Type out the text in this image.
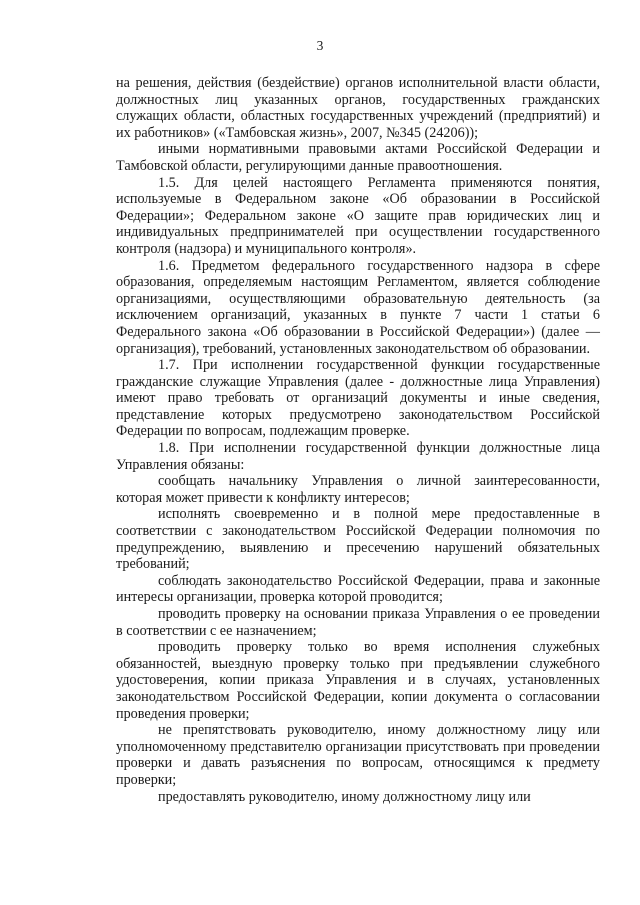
3

на решения, действия (бездействие) органов исполнительной власти области, должностных лиц указанных органов, государственных гражданских служащих области, областных государственных учреждений (предприятий) и их работников» («Тамбовская жизнь», 2007, №345 (24206));

иными нормативными правовыми актами Российской Федерации и Тамбовской области, регулирующими данные правоотношения.

1.5. Для целей настоящего Регламента применяются понятия, используемые в Федеральном законе «Об образовании в Российской Федерации»; Федеральном законе «О защите прав юридических лиц и индивидуальных предпринимателей при осуществлении государственного контроля (надзора) и муниципального контроля».

1.6. Предметом федерального государственного надзора в сфере образования, определяемым настоящим Регламентом, является соблюдение организациями, осуществляющими образовательную деятельность (за исключением организаций, указанных в пункте 7 части 1 статьи 6 Федерального закона «Об образовании в Российской Федерации») (далее — организация), требований, установленных законодательством об образовании.

1.7. При исполнении государственной функции государственные гражданские служащие Управления (далее - должностные лица Управления) имеют право требовать от организаций документы и иные сведения, представление которых предусмотрено законодательством Российской Федерации по вопросам, подлежащим проверке.

1.8. При исполнении государственной функции должностные лица Управления обязаны:

сообщать начальнику Управления о личной заинтересованности, которая может привести к конфликту интересов;

исполнять своевременно и в полной мере предоставленные в соответствии с законодательством Российской Федерации полномочия по предупреждению, выявлению и пресечению нарушений обязательных требований;

соблюдать законодательство Российской Федерации, права и законные интересы организации, проверка которой проводится;

проводить проверку на основании приказа Управления о ее проведении в соответствии с ее назначением;

проводить проверку только во время исполнения служебных обязанностей, выездную проверку только при предъявлении служебного удостоверения, копии приказа Управления и в случаях, установленных законодательством Российской Федерации, копии документа о согласовании проведения проверки;

не препятствовать руководителю, иному должностному лицу или уполномоченному представителю организации присутствовать при проведении проверки и давать разъяснения по вопросам, относящимся к предмету проверки;

предоставлять руководителю, иному должностному лицу или
